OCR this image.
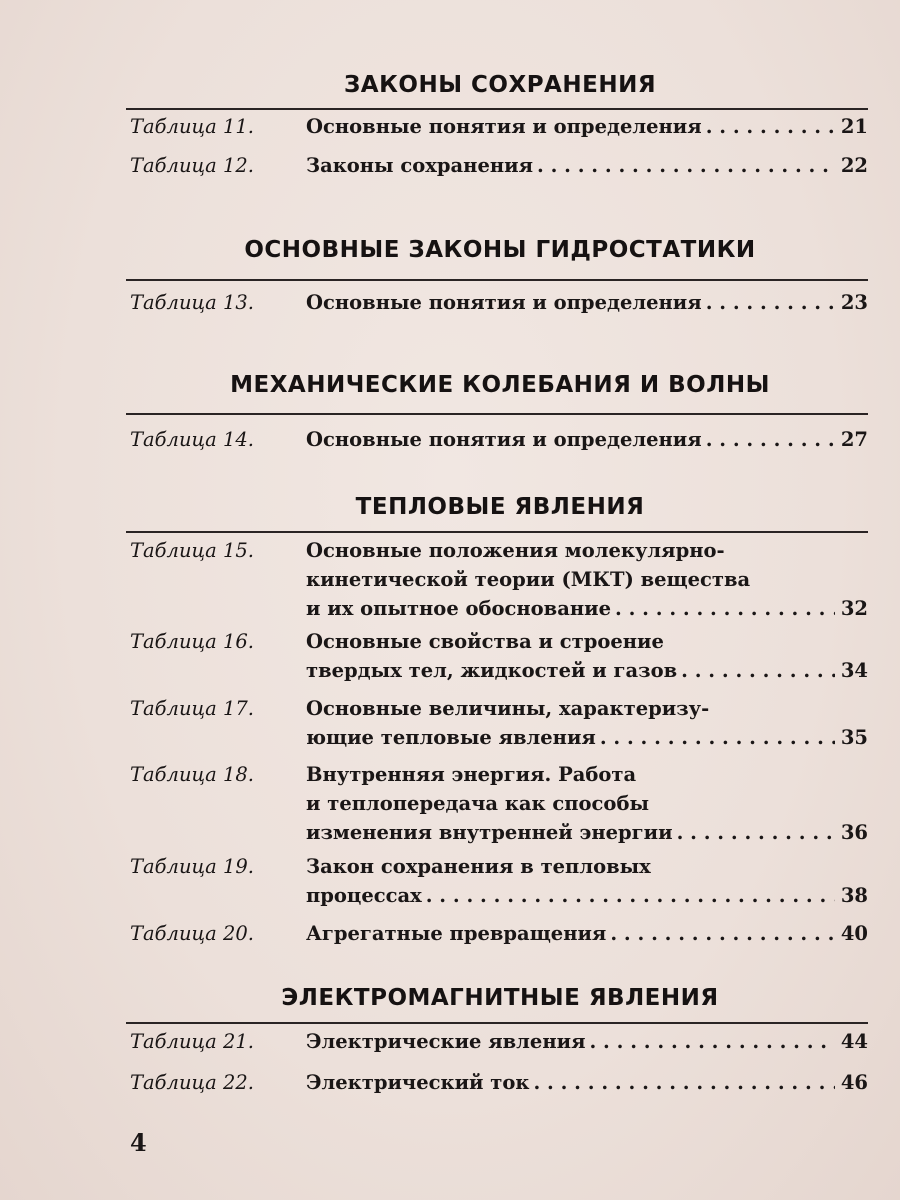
ЗАКОНЫ СОХРАНЕНИЯ
Таблица 11.	Основные понятия и определения . . .	21
Таблица 12.	Законы сохранения . . .	22
ОСНОВНЫЕ ЗАКОНЫ ГИДРОСТАТИКИ
Таблица 13.	Основные понятия и определения . . .	23
МЕХАНИЧЕСКИЕ КОЛЕБАНИЯ И ВОЛНЫ
Таблица 14.	Основные понятия и определения . . .	27
ТЕПЛОВЫЕ ЯВЛЕНИЯ
Таблица 15.	Основные положения молекулярно-
кинетической теории (МКТ) вещества
и их опытное обоснование . . .	32
Таблица 16.	Основные свойства и строение
твердых тел, жидкостей и газов . . .	34
Таблица 17.	Основные величины, характеризу-
ющие тепловые явления . . .	35
Таблица 18.	Внутренняя энергия. Работа
и теплопередача как способы
изменения внутренней энергии . . .	36
Таблица 19.	Закон сохранения в тепловых
процессах . . .	38
Таблица 20.	Агрегатные превращения . . .	40
ЭЛЕКТРОМАГНИТНЫЕ ЯВЛЕНИЯ
Таблица 21.	Электрические явления . . .	44
Таблица 22.	Электрический ток . . .	46
4
